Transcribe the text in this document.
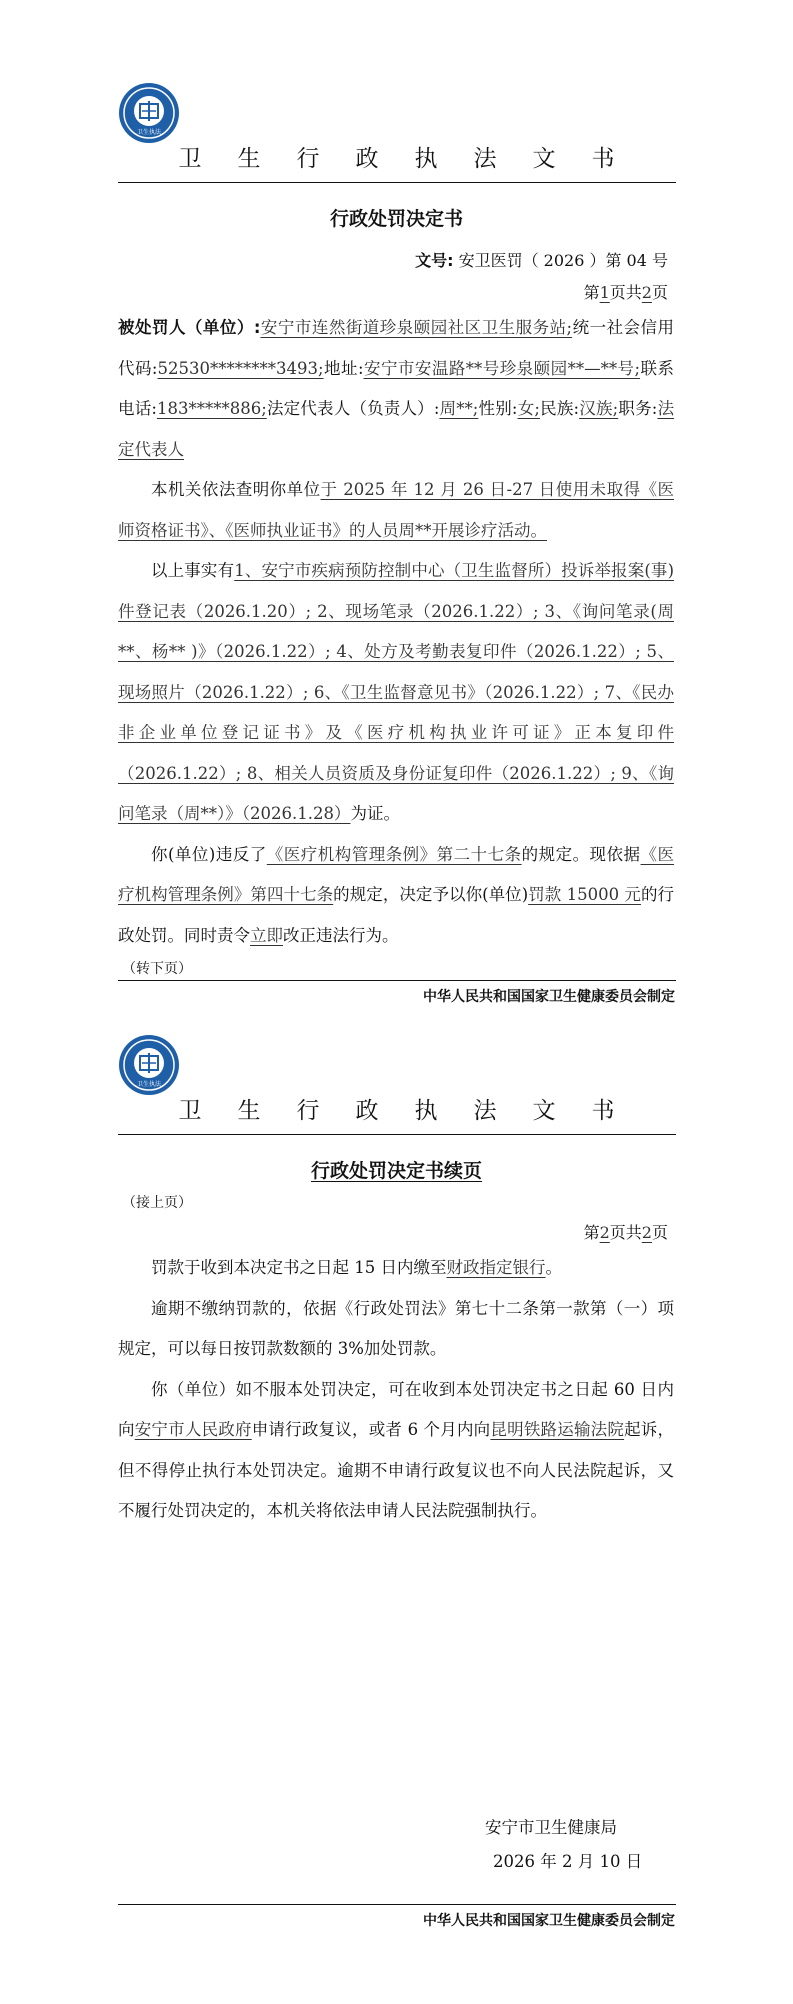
卫生执法
卫生行政执法文书
行政处罚决定书
文号: 安卫医罚（ 2026 ）第 04 号
第1页共2页

被处罚人（单位）:安宁市连然街道珍泉颐园社区卫生服务站;统一社会信用代码:52530********3493;地址:安宁市安温路**号珍泉颐园**—**号;联系电话:183*****886;法定代表人（负责人）:周**;性别:女;民族:汉族;职务:法定代表人

本机关依法查明你单位于 2025 年 12 月 26 日-27 日使用未取得《医师资格证书》、《医师执业证书》的人员周**开展诊疗活动。

以上事实有1、安宁市疾病预防控制中心（卫生监督所）投诉举报案(事)件登记表（2026.1.20）; 2、现场笔录（2026.1.22）; 3、《询问笔录(周**、杨** )》（2026.1.22）; 4、处方及考勤表复印件（2026.1.22）; 5、现场照片（2026.1.22）; 6、《卫生监督意见书》（2026.1.22）; 7、《民办非企业单位登记证书》及《医疗机构执业许可证》正本复印件（2026.1.22）; 8、相关人员资质及身份证复印件（2026.1.22）; 9、《询问笔录（周**）》（2026.1.28）为证。

你(单位)违反了《医疗机构管理条例》第二十七条的规定。现依据《医疗机构管理条例》第四十七条的规定，决定予以你(单位)罚款 15000 元的行政处罚。同时责令立即改正违法行为。

（转下页）
中华人民共和国国家卫生健康委员会制定
卫生执法
卫生行政执法文书
行政处罚决定书续页
（接上页）
第2页共2页

罚款于收到本决定书之日起 15 日内缴至财政指定银行。

逾期不缴纳罚款的，依据《行政处罚法》第七十二条第一款第（一）项规定，可以每日按罚款数额的 3%加处罚款。

你（单位）如不服本处罚决定，可在收到本处罚决定书之日起 60 日内向安宁市人民政府申请行政复议，或者 6 个月内向昆明铁路运输法院起诉，但不得停止执行本处罚决定。逾期不申请行政复议也不向人民法院起诉，又不履行处罚决定的，本机关将依法申请人民法院强制执行。

安宁市卫生健康局
2026 年 2 月 10 日
中华人民共和国国家卫生健康委员会制定
